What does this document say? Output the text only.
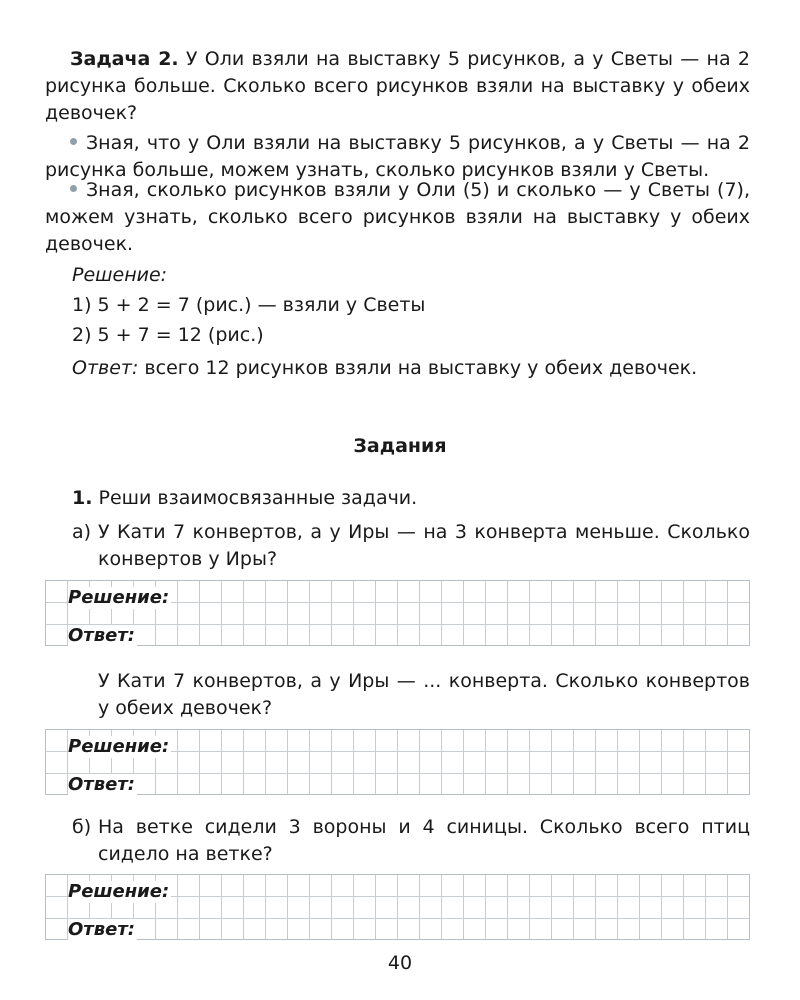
Задача 2. У Оли взяли на выставку 5 рисунков, а у Светы — на 2 рисунка больше. Сколько всего рисунков взяли на выставку у обеих девочек?

Зная, что у Оли взяли на выставку 5 рисунков, а у Светы — на 2 рисунка больше, можем узнать, сколько рисунков взяли у Светы.

Зная, сколько рисунков взяли у Оли (5) и сколько — у Светы (7), можем узнать, сколько всего рисунков взяли на выставку у обеих девочек.

Решение:

1) 5 + 2 = 7 (рис.) — взяли у Светы

2) 5 + 7 = 12 (рис.)

Ответ: всего 12 рисунков взяли на выставку у обеих девочек.

Задания

1. Реши взаимосвязанные задачи.

а) У Кати 7 конвертов, а у Иры — на 3 конверта меньше. Сколько конвертов у Иры?
Решение:
Ответ:

У Кати 7 конвертов, а у Иры — ... конверта. Сколько конвертов у обеих девочек?

Решение:
Ответ:
б) На ветке сидели 3 вороны и 4 синицы. Сколько всего птиц сидело на ветке?
Решение:
Ответ:

40
